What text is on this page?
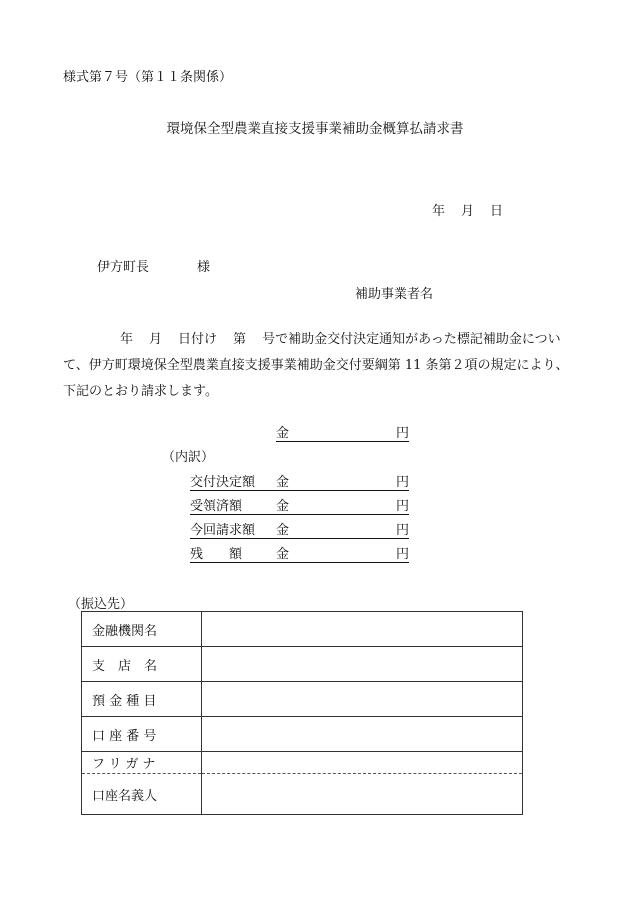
様式第７号（第１１条関係）
環境保全型農業直接支援事業補助金概算払請求書
年 月 日
伊方町長	様
補助事業者名
年 月 日付け 第 号で補助金交付決定通知があった標記補助金につい
て、伊方町環境保全型農業直接支援事業補助金交付要綱第 11 条第２項の規定により、
下記のとおり請求します。
金	円
（内訳）
交付決定額 金	円
受領済額	金	円
今回請求額 金	円
残　　額	金	円
（振込先）
金融機関名	
支　店　名	
預 金 種 目	
口 座 番 号	
フリガナ	
口座名義人	
